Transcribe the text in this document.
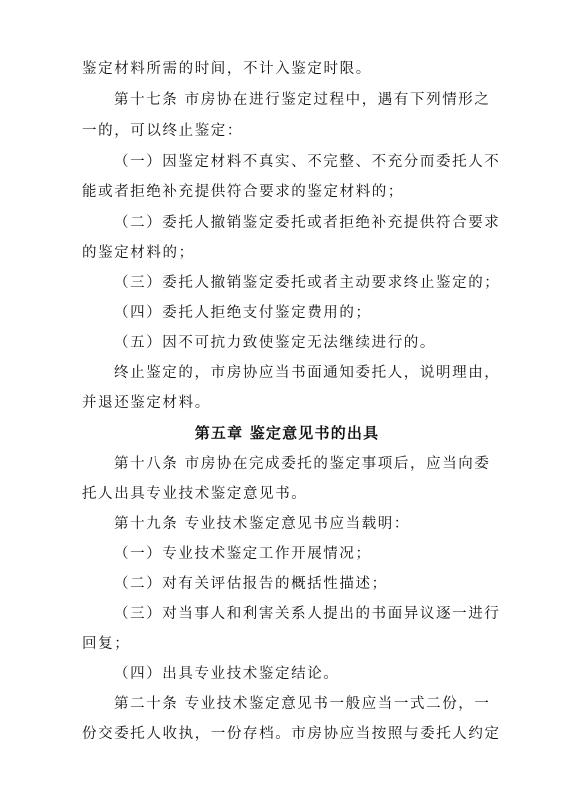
鉴定材料所需的时间，不计入鉴定时限。
第十七条 市房协在进行鉴定过程中，遇有下列情形之
一的，可以终止鉴定：
（一）因鉴定材料不真实、不完整、不充分而委托人不
能或者拒绝补充提供符合要求的鉴定材料的；
（二）委托人撤销鉴定委托或者拒绝补充提供符合要求
的鉴定材料的；
（三）委托人撤销鉴定委托或者主动要求终止鉴定的；
（四）委托人拒绝支付鉴定费用的；
（五）因不可抗力致使鉴定无法继续进行的。
终止鉴定的，市房协应当书面通知委托人，说明理由，
并退还鉴定材料。
第五章 鉴定意见书的出具
第十八条 市房协在完成委托的鉴定事项后，应当向委
托人出具专业技术鉴定意见书。
第十九条 专业技术鉴定意见书应当载明：
（一）专业技术鉴定工作开展情况；
（二）对有关评估报告的概括性描述；
（三）对当事人和利害关系人提出的书面异议逐一进行
回复；
（四）出具专业技术鉴定结论。
第二十条 专业技术鉴定意见书一般应当一式二份，一
份交委托人收执，一份存档。市房协应当按照与委托人约定
